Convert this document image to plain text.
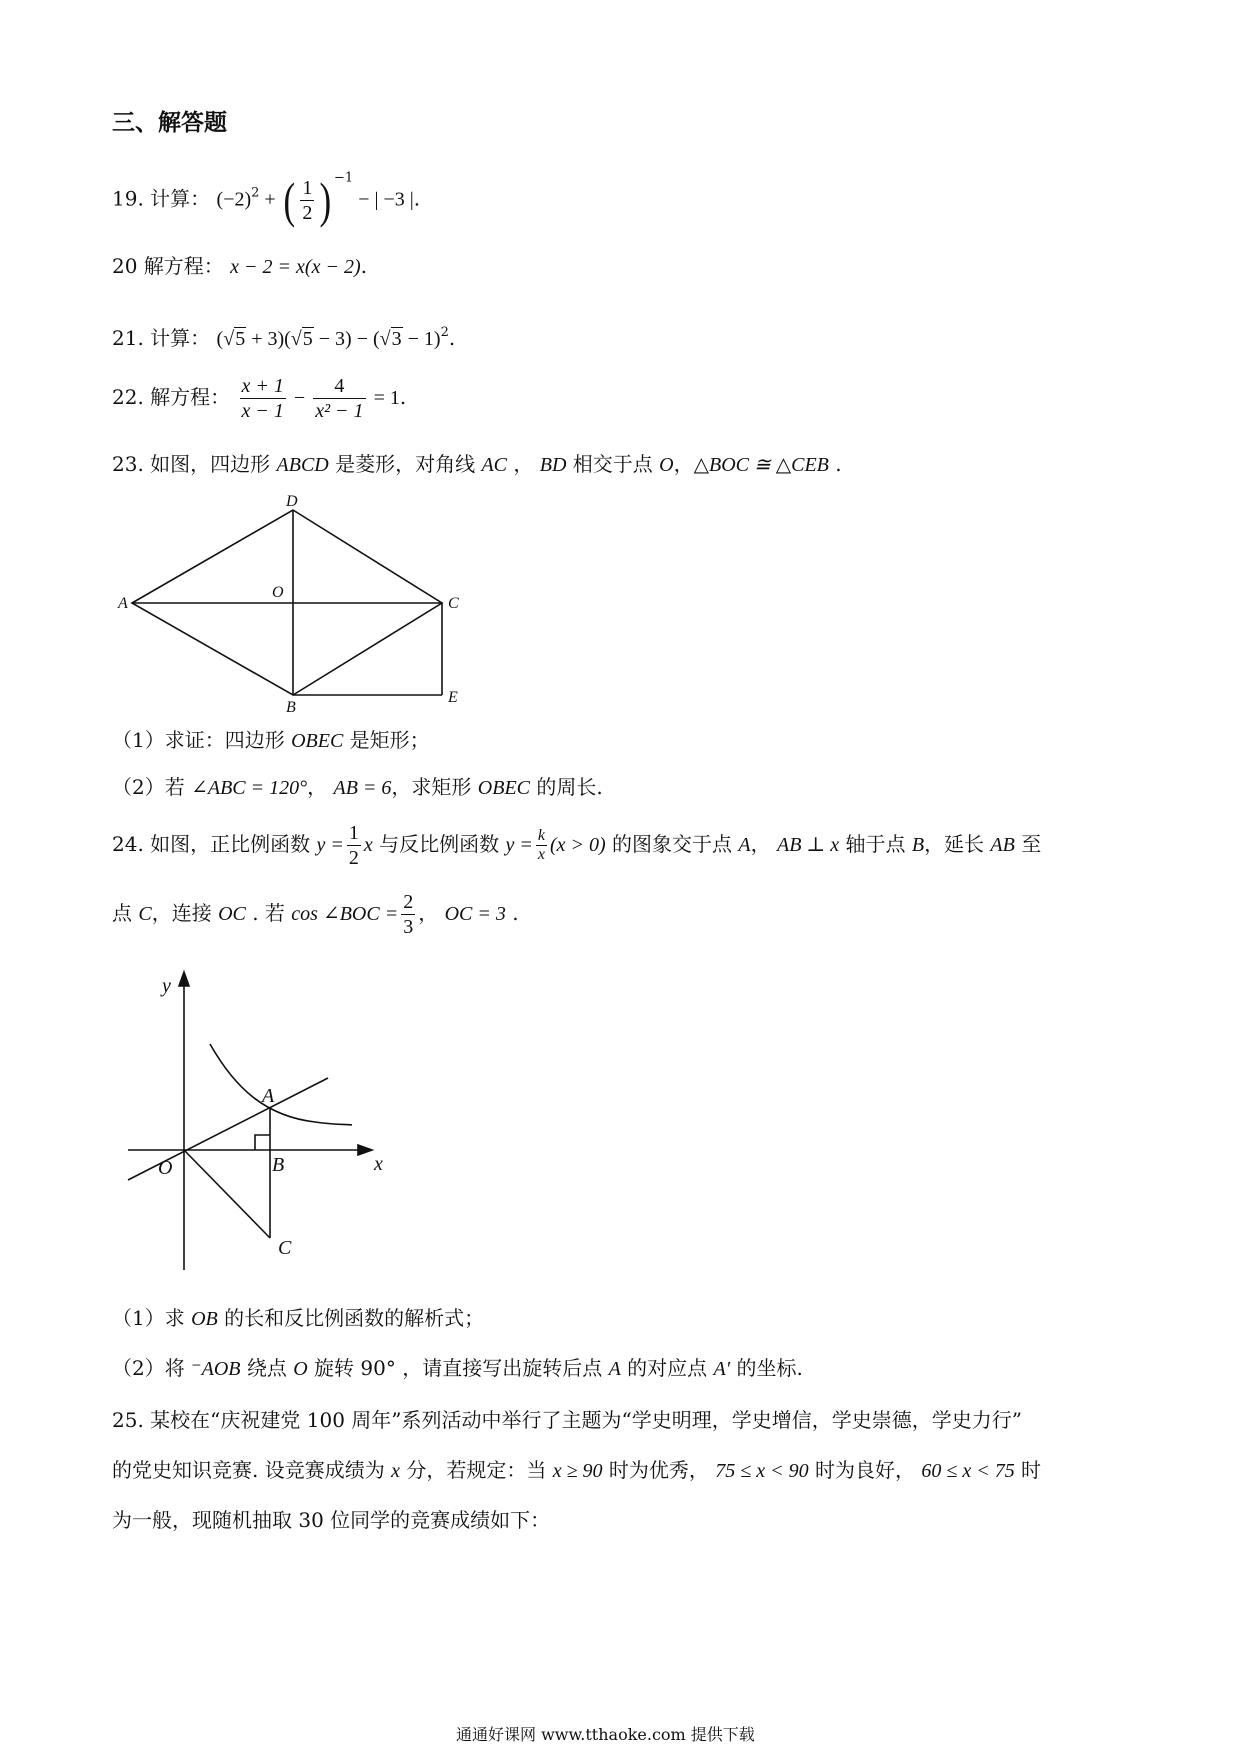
三、解答题
19. 计算： $(-2)^2$ + ( $\frac{1}{2}$ ) $^{-1}$ − | −3 |.
20 解方程： x − 2 = x(x − 2).
21. 计算： $(√5 + 3)(√5 - 3) - (√3 - 1)^2$.
22. 解方程： $\frac{x + 1}{x - 1} - \frac{4}{\text{x² − 1}} = 1$.
23. 如图，四边形 ABCD 是菱形，对角线 AC ， BD 相交于点 O，△BOC ≅ △CEB .
D
A
O
C
B
E
（1）求证：四边形 OBEC 是矩形；
（2）若 ∠ABC = 120°， AB = 6，求矩形 OBEC 的周长.
24. 如图，正比例函数 $y = \frac{1}{2}$ x 与反比例函数 $y = \frac{k}{x} (x > 0)$ 的图象交于点 A， AB ⊥ x 轴于点 B，延长 AB 至
点 C，连接 OC . 若 cos ∠BOC = $\frac{2}{3}$ ， OC = 3 .
y
x
O
A
B
C
（1）求 OB 的长和反比例函数的解析式；
（2）将 ⁻AOB 绕点 O 旋转 90° ，请直接写出旋转后点 A 的对应点 A′ 的坐标.
25. 某校在“庆祝建党 100 周年”系列活动中举行了主题为“学史明理，学史增信，学史崇德，学史力行”
的党史知识竞赛. 设竞赛成绩为 x 分，若规定：当 x ≥ 90 时为优秀， 75 ≤ x < 90 时为良好， 60 ≤ x < 75 时
为一般，现随机抽取 30 位同学的竞赛成绩如下：
通通好课网 www.tthaoke.com 提供下载
